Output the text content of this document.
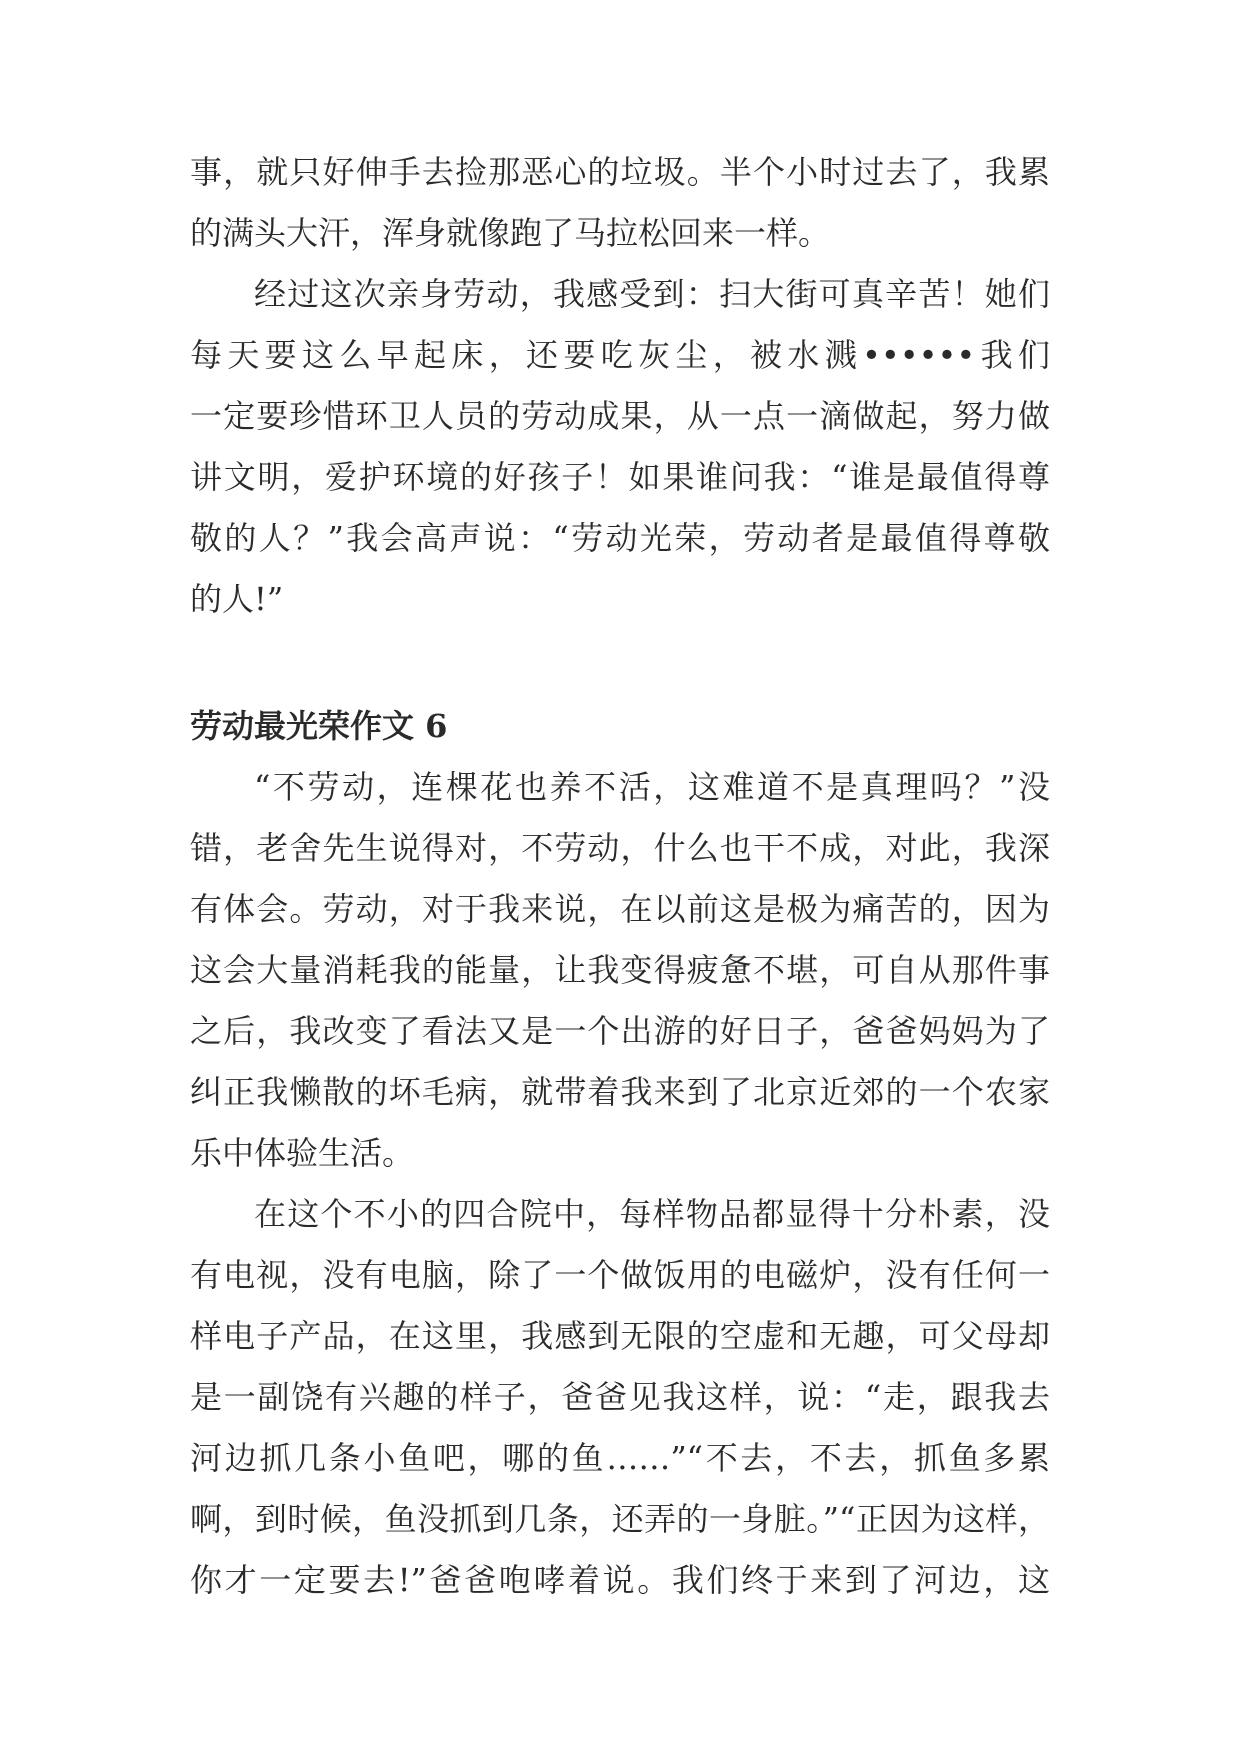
事，就只好伸手去捡那恶心的垃圾。半个小时过去了，我累

的满头大汗，浑身就像跑了马拉松回来一样。

经过这次亲身劳动，我感受到：扫大街可真辛苦！她们

每天要这么早起床，还要吃灰尘，被水溅••••••我们

一定要珍惜环卫人员的劳动成果，从一点一滴做起，努力做

讲文明，爱护环境的好孩子！如果谁问我：“谁是最值得尊

敬的人？”我会高声说：“劳动光荣，劳动者是最值得尊敬

的人!”

劳动最光荣作文 6

“不劳动，连棵花也养不活，这难道不是真理吗？”没

错，老舍先生说得对，不劳动，什么也干不成，对此，我深

有体会。劳动，对于我来说，在以前这是极为痛苦的，因为

这会大量消耗我的能量，让我变得疲惫不堪，可自从那件事

之后，我改变了看法又是一个出游的好日子，爸爸妈妈为了

纠正我懒散的坏毛病，就带着我来到了北京近郊的一个农家

乐中体验生活。

在这个不小的四合院中，每样物品都显得十分朴素，没

有电视，没有电脑，除了一个做饭用的电磁炉，没有任何一

样电子产品，在这里，我感到无限的空虚和无趣，可父母却

是一副饶有兴趣的样子，爸爸见我这样，说：“走，跟我去

河边抓几条小鱼吧，哪的鱼……”“不去，不去，抓鱼多累

啊，到时候，鱼没抓到几条，还弄的一身脏。”“正因为这样，

你才一定要去!”爸爸咆哮着说。我们终于来到了河边，这
